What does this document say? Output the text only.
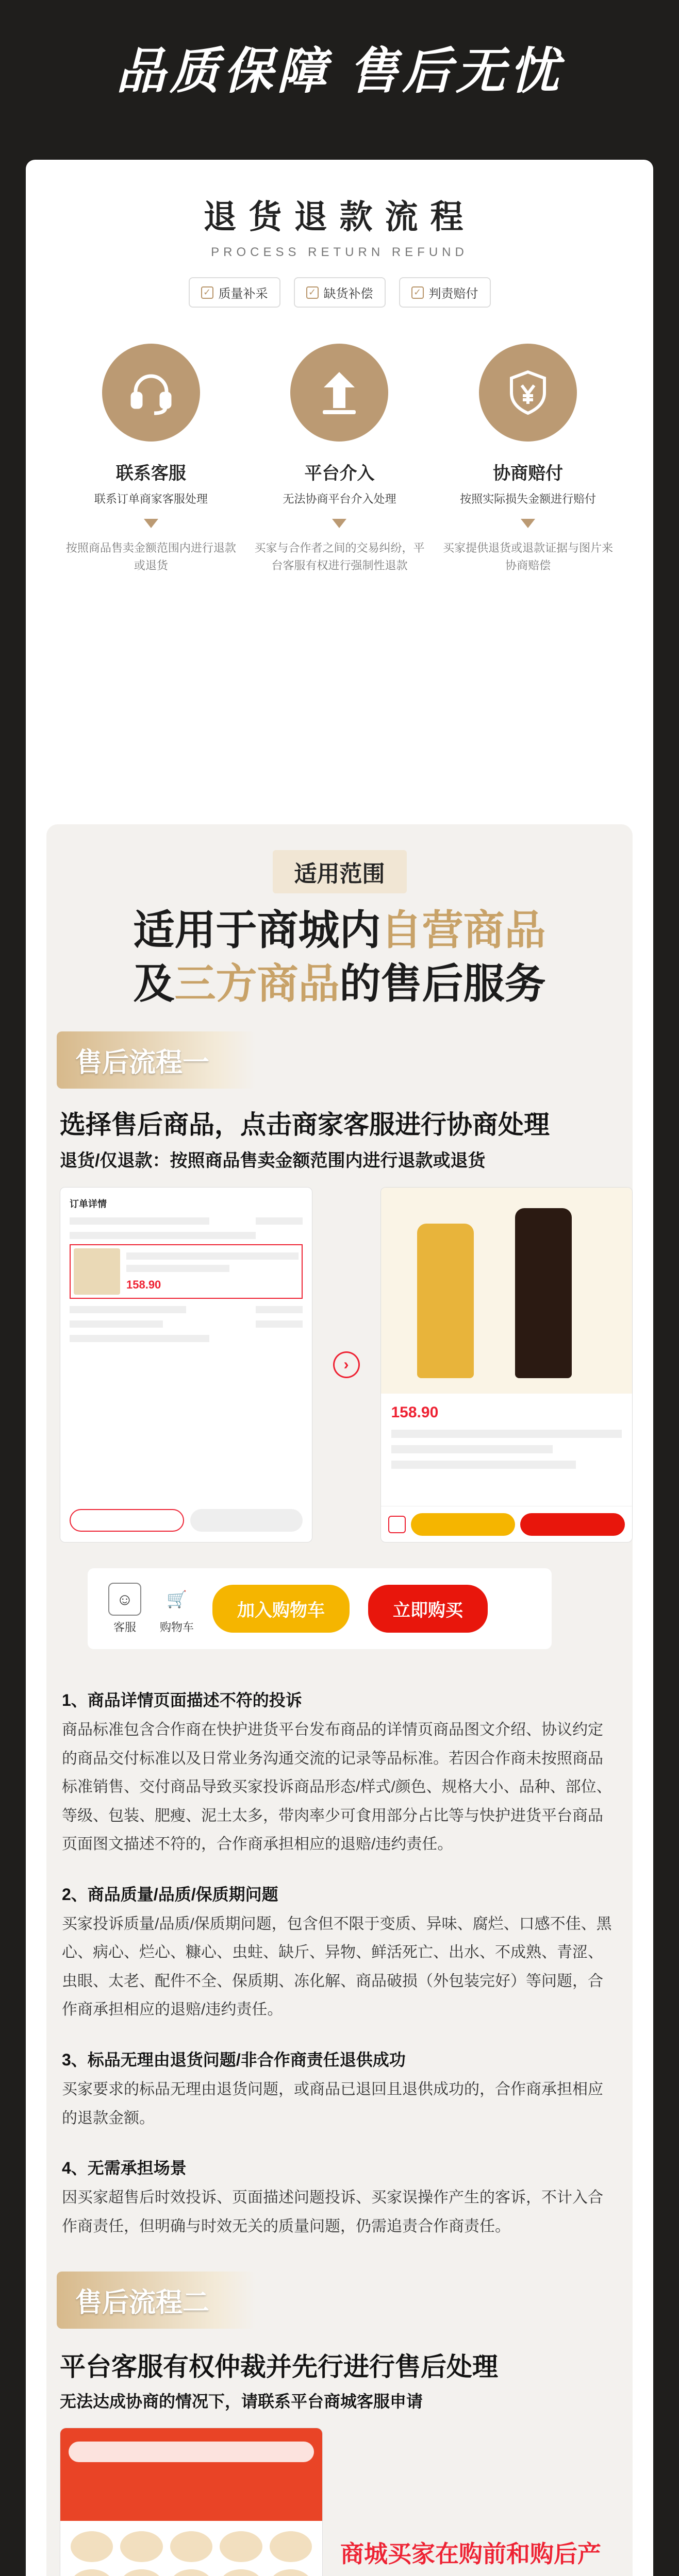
品质保障 售后无忧
退货退款流程
PROCESS RETURN REFUND
✓ 质量补采	✓ 缺货补偿	✓ 判责赔付
联系客服
联系订单商家客服处理
按照商品售卖金额范围内进行退款或退货
平台介入
无法协商平台介入处理
买家与合作者之间的交易纠纷，平台客服有权进行强制性退款
协商赔付
按照实际损失金额进行赔付
买家提供退货或退款证据与图片来协商赔偿
适用范围
适用于商城内自营商品
及三方商品的售后服务
售后流程一
选择售后商品，点击商家客服进行协商处理
退货/仅退款：按照商品售卖金额范围内进行退款或退货
订单详情
158.90
›
158.90
☺
客服
🛒
购物车
加入购物车	立即购买
1、商品详情页面描述不符的投诉

商品标准包含合作商在快护进货平台发布商品的详情页商品图文介绍、协议约定的商品交付标准以及日常业务沟通交流的记录等品标准。若因合作商未按照商品标准销售、交付商品导致买家投诉商品形态/样式/颜色、规格大小、品种、部位、等级、包装、肥瘦、泥土太多，带肉率少可食用部分占比等与快护进货平台商品页面图文描述不符的，合作商承担相应的退赔/违约责任。

2、商品质量/品质/保质期问题

买家投诉质量/品质/保质期问题，包含但不限于变质、异味、腐烂、口感不佳、黑心、病心、烂心、糠心、虫蛀、缺斤、异物、鲜活死亡、出水、不成熟、青涩、虫眼、太老、配件不全、保质期、冻化解、商品破损（外包装完好）等问题，合作商承担相应的退赔/违约责任。

3、标品无理由退货问题/非合作商责任退供成功

买家要求的标品无理由退货问题，或商品已退回且退供成功的，合作商承担相应的退款金额。

4、无需承担场景

因买家超售后时效投诉、页面描述问题投诉、买家误操作产生的客诉，不计入合作商责任，但明确与时效无关的质量问题，仍需追责合作商责任。

售后流程二
平台客服有权仲裁并先行进行售后处理
无法达成协商的情况下，请联系平台商城客服申请
商城买家在购前和购后产
